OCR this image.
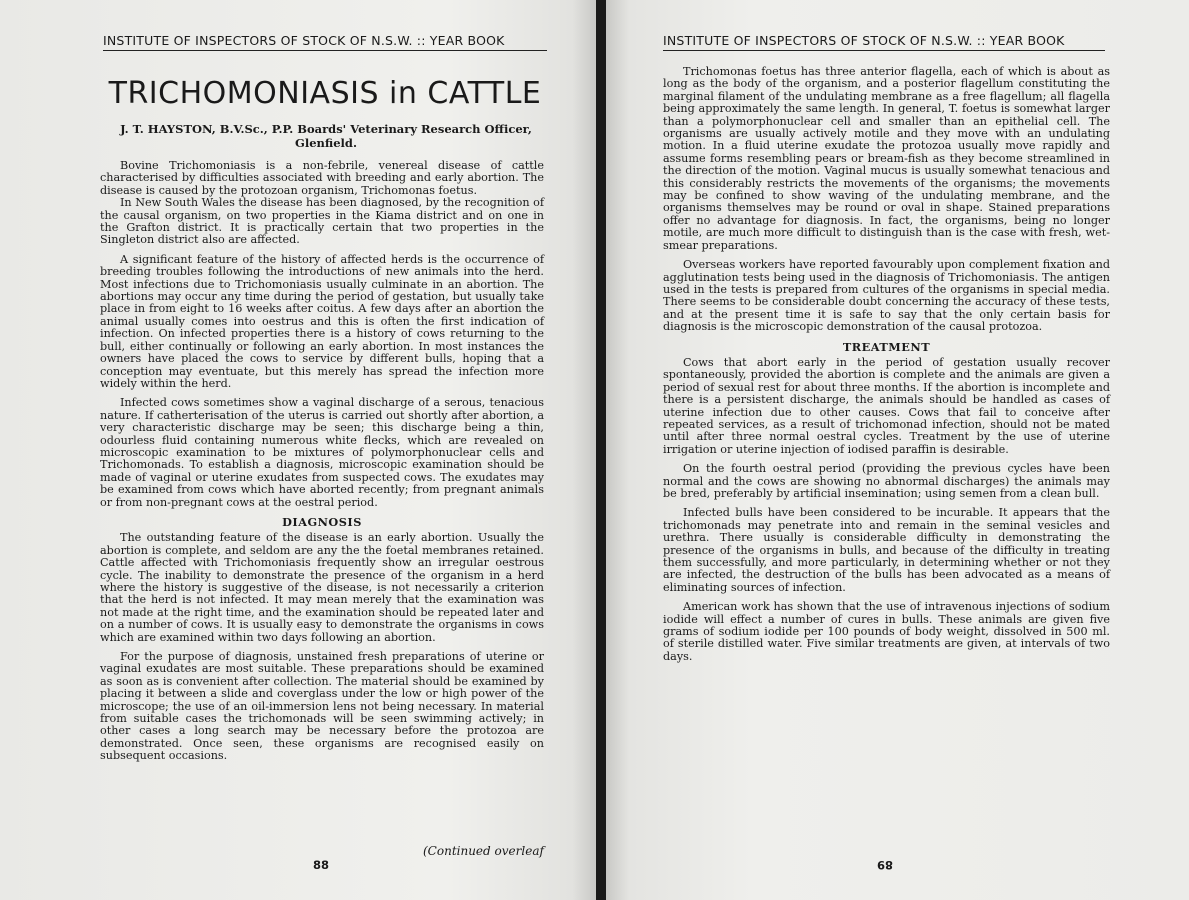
INSTITUTE OF INSPECTORS OF STOCK OF N.S.W. :: YEAR BOOK
TRICHOMONIASIS in CATTLE
J. T. HAYSTON, B.V.Sc., P.P. Boards' Veterinary Research Officer,
Glenfield.

Bovine Trichomoniasis is a non-febrile, venereal disease of cattle characterised by difficulties associated with breeding and early abortion. The disease is caused by the protozoan organism, Trichomonas foetus.

In New South Wales the disease has been diagnosed, by the recognition of the causal organism, on two properties in the Kiama district and on one in the Grafton district. It is practically certain that two properties in the Singleton district also are affected.

A significant feature of the history of affected herds is the occurrence of breeding troubles following the introductions of new animals into the herd. Most infections due to Trichomoniasis usually culminate in an abortion. The abortions may occur any time during the period of gestation, but usually take place in from eight to 16 weeks after coitus. A few days after an abortion the animal usually comes into oestrus and this is often the first indication of infection. On infected properties there is a history of cows returning to the bull, either continually or following an early abortion. In most instances the owners have placed the cows to service by different bulls, hoping that a conception may eventuate, but this merely has spread the infection more widely within the herd.

Infected cows sometimes show a vaginal discharge of a serous, tenacious nature. If catherterisation of the uterus is carried out shortly after abortion, a very characteristic discharge may be seen; this discharge being a thin, odourless fluid containing numerous white flecks, which are revealed on microscopic examination to be mixtures of polymorphonuclear cells and Trichomonads. To establish a diagnosis, microscopic examination should be made of vaginal or uterine exudates from suspected cows. The exudates may be examined from cows which have aborted recently; from pregnant animals or from non-pregnant cows at the oestral period.

DIAGNOSIS

The outstanding feature of the disease is an early abortion. Usually the abortion is complete, and seldom are any the the foetal membranes retained. Cattle affected with Trichomoniasis frequently show an irregular oestrous cycle. The inability to demonstrate the presence of the organism in a herd where the history is suggestive of the disease, is not necessarily a criterion that the herd is not infected. It may mean merely that the examination was not made at the right time, and the examination should be repeated later and on a number of cows. It is usually easy to demonstrate the organisms in cows which are examined within two days following an abortion.

For the purpose of diagnosis, unstained fresh preparations of uterine or vaginal exudates are most suitable. These preparations should be examined as soon as is convenient after collection. The material should be examined by placing it between a slide and coverglass under the low or high power of the microscope; the use of an oil-immersion lens not being necessary. In material from suitable cases the trichomonads will be seen swimming actively; in other cases a long search may be necessary before the protozoa are demonstrated. Once seen, these organisms are recognised easily on subsequent occasions.

(Continued overleaf
88
INSTITUTE OF INSPECTORS OF STOCK OF N.S.W. :: YEAR BOOK

Trichomonas foetus has three anterior flagella, each of which is about as long as the body of the organism, and a posterior flagellum constituting the marginal filament of the undulating membrane as a free flagellum; all flagella being approximately the same length. In general, T. foetus is somewhat larger than a polymorphonuclear cell and smaller than an epithelial cell. The organisms are usually actively motile and they move with an undulating motion. In a fluid uterine exudate the protozoa usually move rapidly and assume forms resembling pears or bream-fish as they become streamlined in the direction of the motion. Vaginal mucus is usually somewhat tenacious and this considerably restricts the movements of the organisms; the movements may be confined to show waving of the undulating membrane, and the organisms themselves may be round or oval in shape. Stained preparations offer no advantage for diagnosis. In fact, the organisms, being no longer motile, are much more difficult to distinguish than is the case with fresh, wet-smear preparations.

Overseas workers have reported favourably upon complement fixation and agglutination tests being used in the diagnosis of Trichomoniasis. The antigen used in the tests is prepared from cultures of the organisms in special media. There seems to be considerable doubt concerning the accuracy of these tests, and at the present time it is safe to say that the only certain basis for diagnosis is the microscopic demonstration of the causal protozoa.

TREATMENT

Cows that abort early in the period of gestation usually recover spontaneously, provided the abortion is complete and the animals are given a period of sexual rest for about three months. If the abortion is incomplete and there is a persistent discharge, the animals should be handled as cases of uterine infection due to other causes. Cows that fail to conceive after repeated services, as a result of trichomonad infection, should not be mated until after three normal oestral cycles. Treatment by the use of uterine irrigation or uterine injection of iodised paraffin is desirable.

On the fourth oestral period (providing the previous cycles have been normal and the cows are showing no abnormal discharges) the animals may be bred, preferably by artificial insemination; using semen from a clean bull.

Infected bulls have been considered to be incurable. It appears that the trichomonads may penetrate into and remain in the seminal vesicles and urethra. There usually is considerable difficulty in demonstrating the presence of the organisms in bulls, and because of the difficulty in treating them successfully, and more particularly, in determining whether or not they are infected, the destruction of the bulls has been advocated as a means of eliminating sources of infection.

American work has shown that the use of intravenous injections of sodium iodide will effect a number of cures in bulls. These animals are given five grams of sodium iodide per 100 pounds of body weight, dissolved in 500 ml. of sterile distilled water. Five similar treatments are given, at intervals of two days.

89
